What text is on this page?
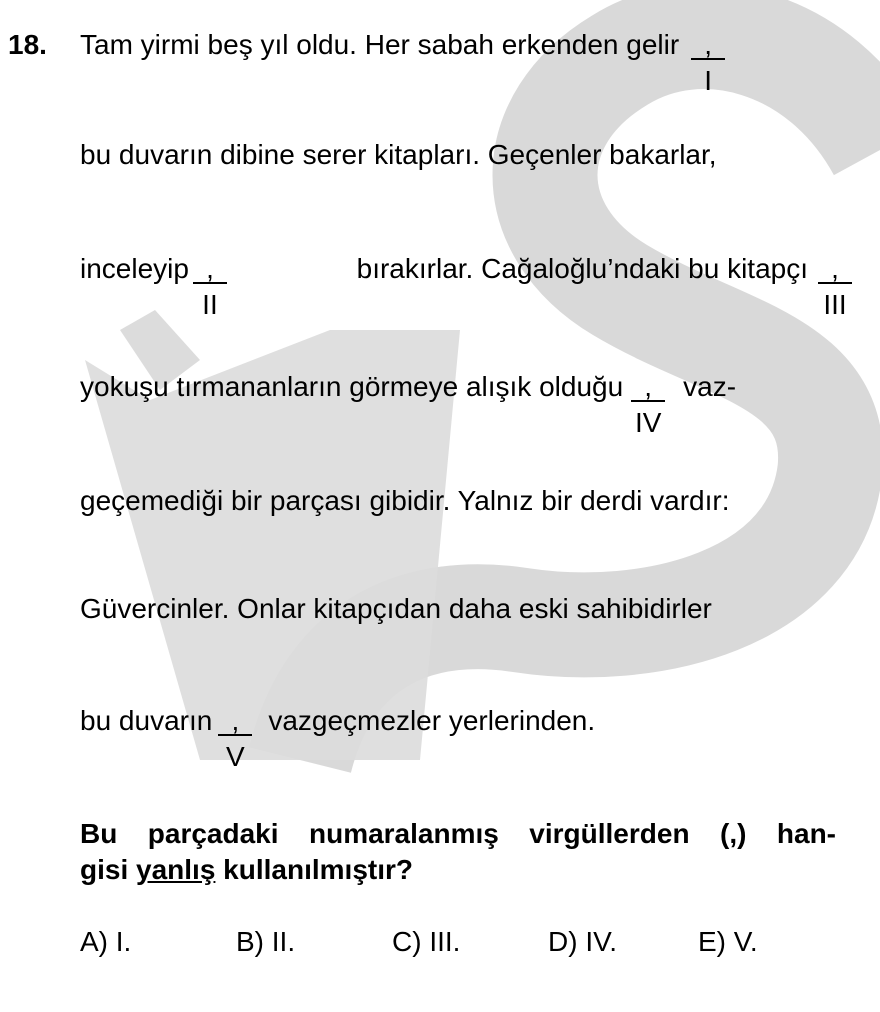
18. Tam yirmi beş yıl oldu. Her sabah erkenden gelir ,
I
bu duvarın dibine serer kitapları. Geçenler bakarlar,
inceleyip ,
II
bırakırlar. Cağaloğlu’ndaki bu kitapçı ,
III
yokuşu tırmananların görmeye alışık olduğu ,
IV
vaz-
geçemediği bir parçası gibidir. Yalnız bir derdi vardır:
Güvercinler. Onlar kitapçıdan daha eski sahibidirler
bu duvarın ,
V
vazgeçmezler yerlerinden.
Bu parçadaki numaralanmış virgüllerden (,) han-
gisi yanlış kullanılmıştır?
A) I.	B) II.	C) III.	D) IV.	E) V.
